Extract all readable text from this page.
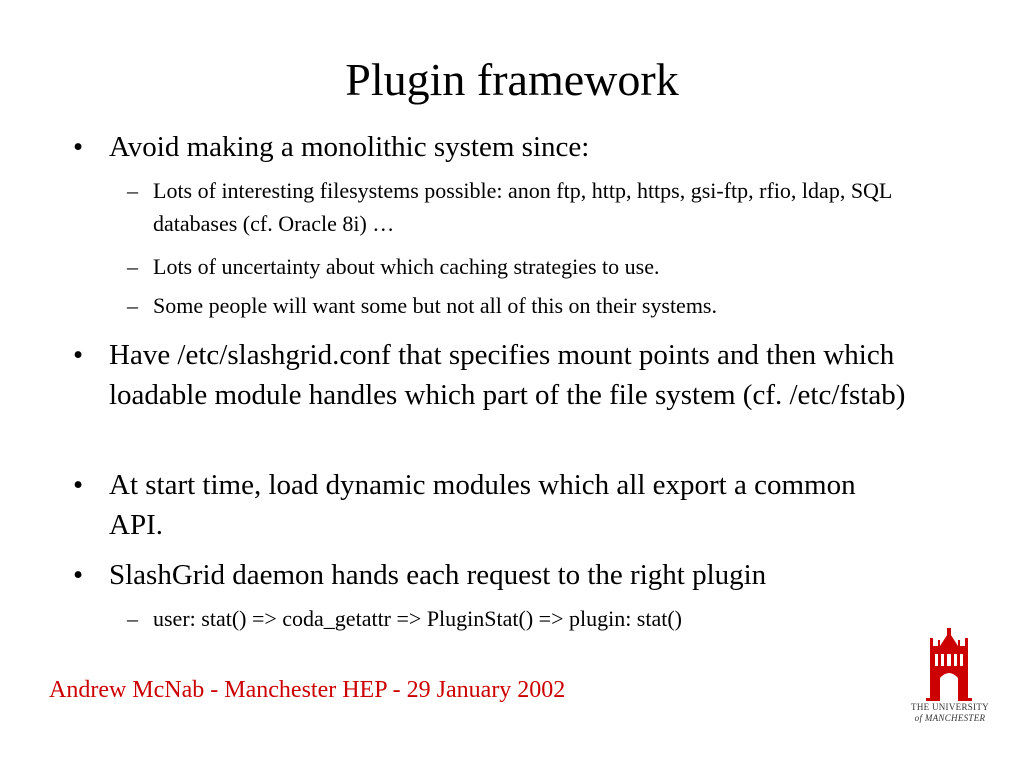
Plugin framework
• Avoid making a monolithic system since:
– Lots of interesting filesystems possible: anon ftp, http, https, gsi-ftp, rfio, ldap, SQL databases (cf. Oracle 8i) …
– Lots of uncertainty about which caching strategies to use.
– Some people will want some but not all of this on their systems.
• Have /etc/slashgrid.conf that specifies mount points and then which loadable module handles which part of the file system (cf. /etc/fstab)
• At start time, load dynamic modules which all export a common API.
• SlashGrid daemon hands each request to the right plugin
– user: stat() => coda_getattr => PluginStat() => plugin: stat()
Andrew McNab - Manchester HEP - 29 January 2002
THE UNIVERSITY
of MANCHESTER
